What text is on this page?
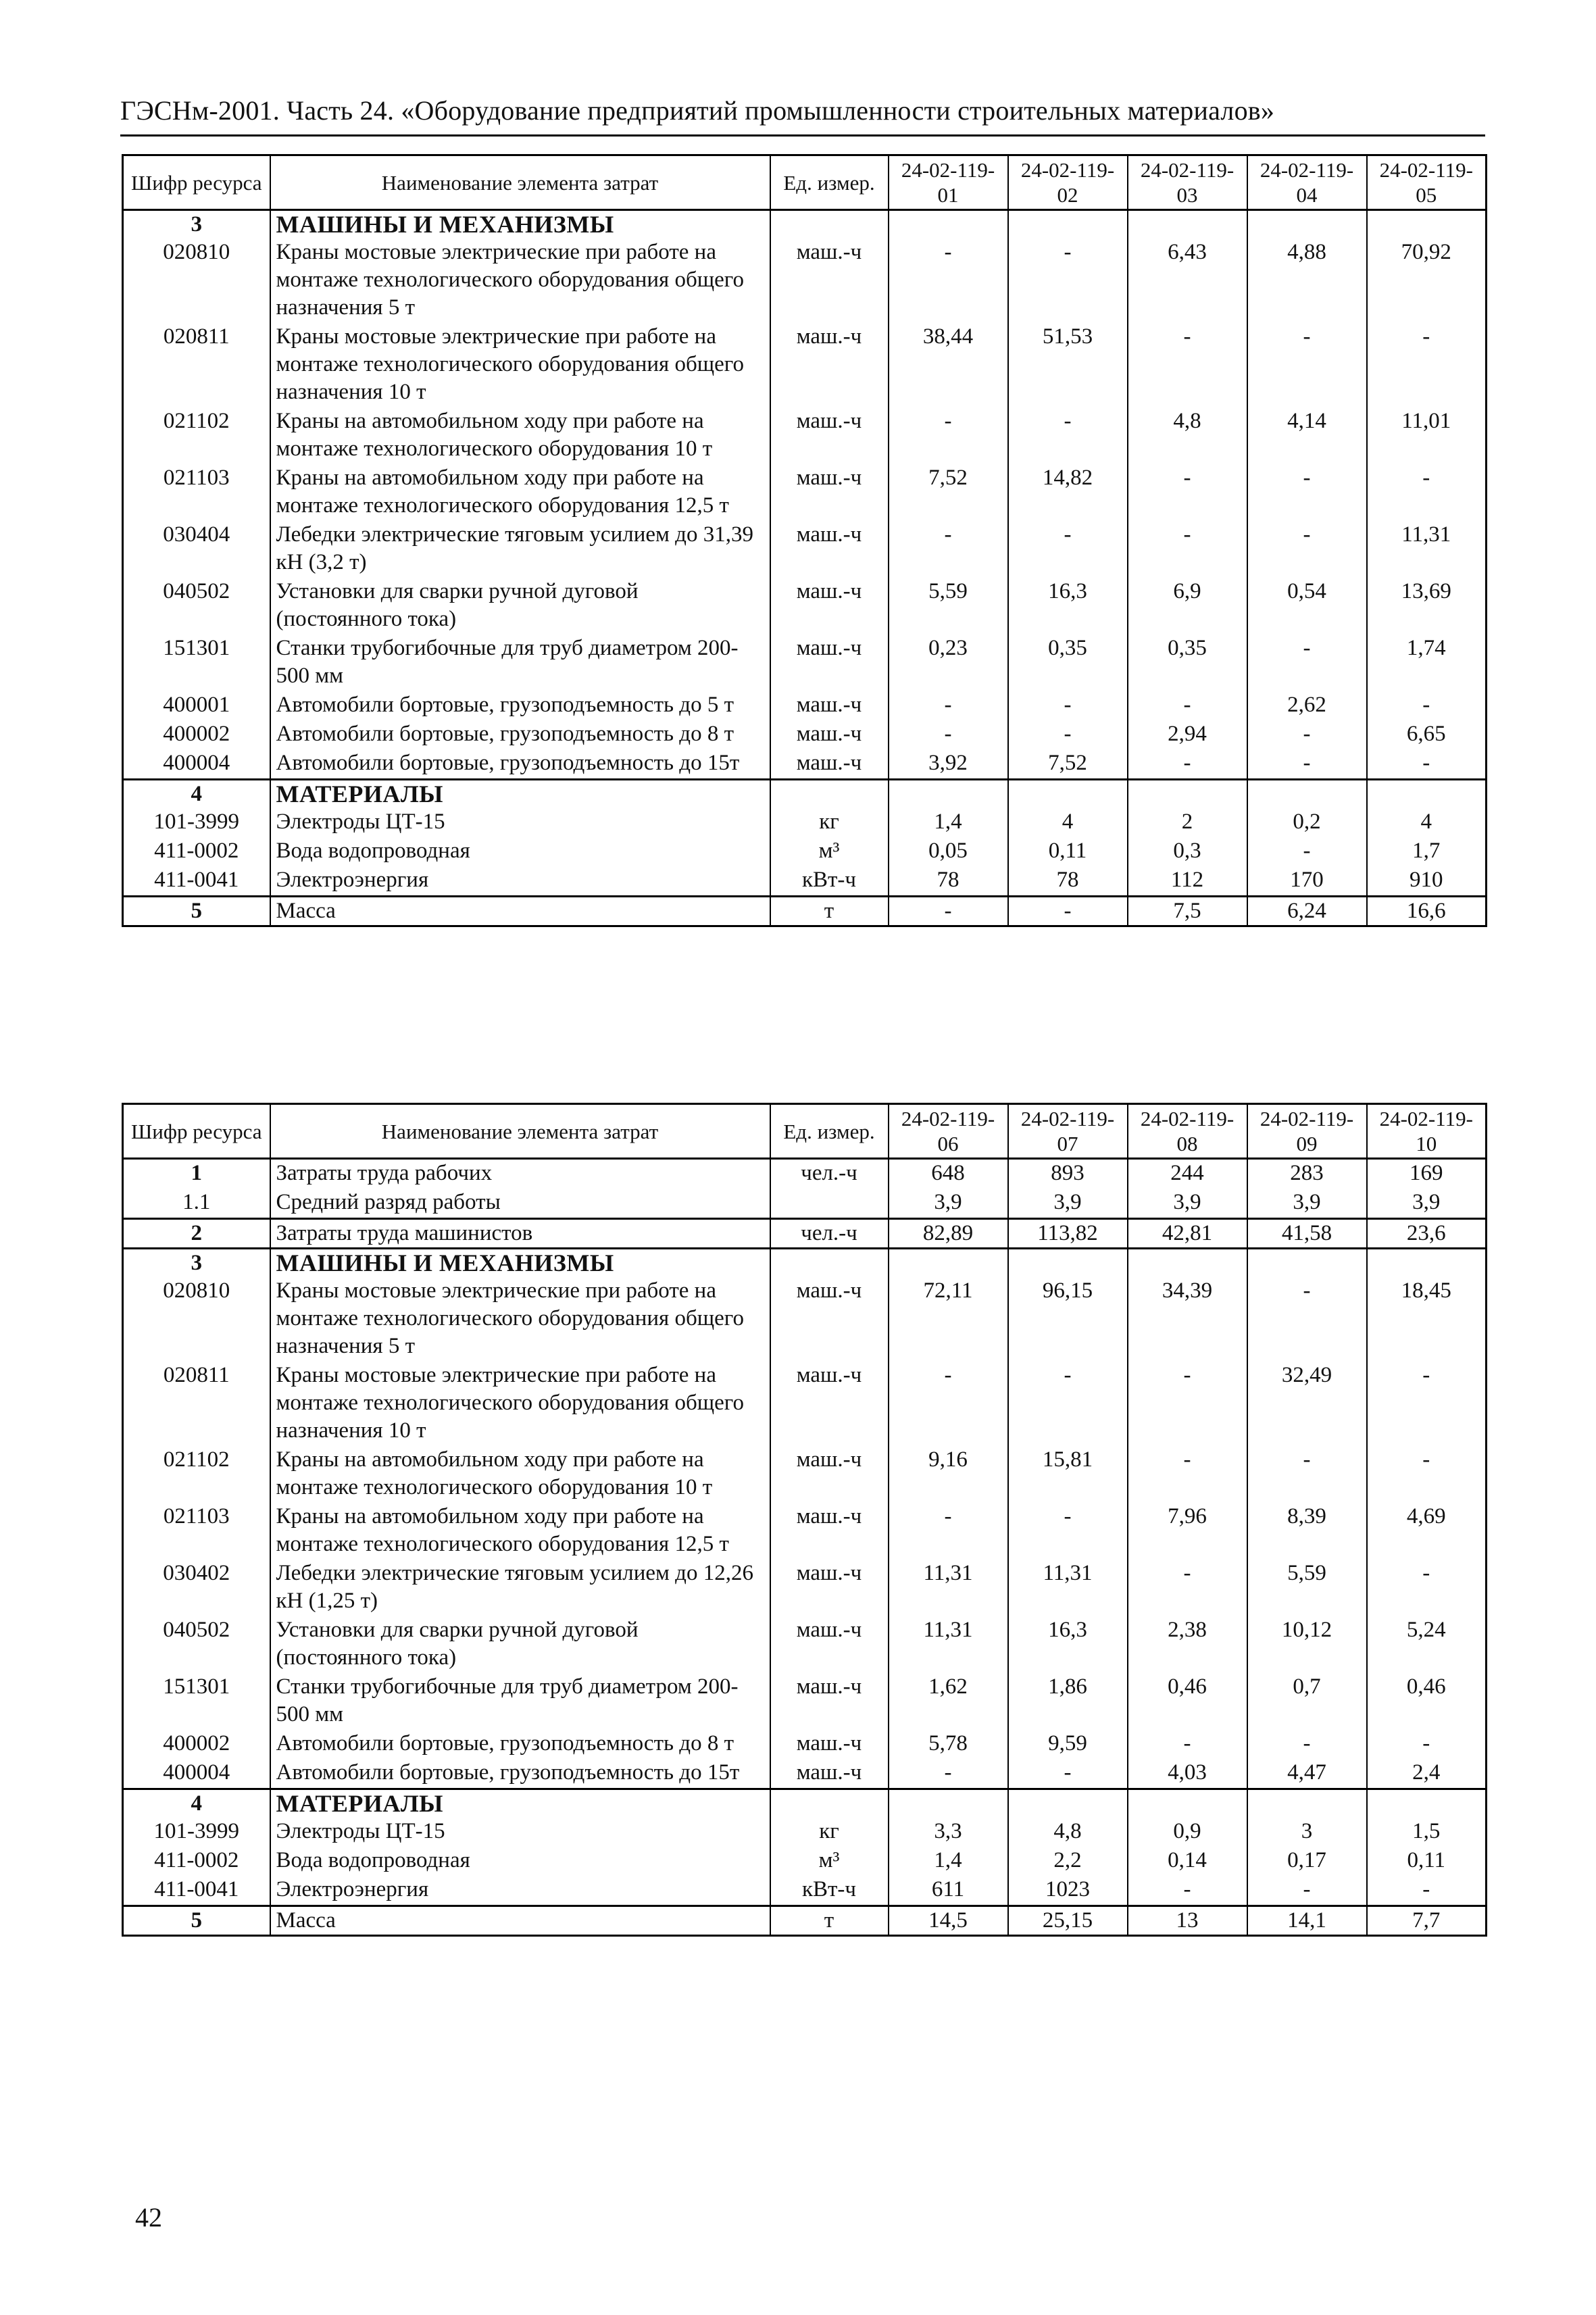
ГЭСНм-2001. Часть 24. «Оборудование предприятий промышленности строительных материалов»
Шифр ресурса	Наименование элемента затрат	Ед. измер.	24-02-119-01	24-02-119-02	24-02-119-03	24-02-119-04	24-02-119-05
3	МАШИНЫ И МЕХАНИЗМЫ						
020810	Краны мостовые электрические при работе на монтаже технологического оборудования общего назначения 5 т	маш.-ч	-	-	6,43	4,88	70,92
020811	Краны мостовые электрические при работе на монтаже технологического оборудования общего назначения 10 т	маш.-ч	38,44	51,53	-	-	-
021102	Краны на автомобильном ходу при работе на монтаже технологического оборудования 10 т	маш.-ч	-	-	4,8	4,14	11,01
021103	Краны на автомобильном ходу при работе на монтаже технологического оборудования 12,5 т	маш.-ч	7,52	14,82	-	-	-
030404	Лебедки электрические тяговым усилием до 31,39 кН (3,2 т)	маш.-ч	-	-	-	-	11,31
040502	Установки для сварки ручной дуговой (постоянного тока)	маш.-ч	5,59	16,3	6,9	0,54	13,69
151301	Станки трубогибочные для труб диаметром 200-500 мм	маш.-ч	0,23	0,35	0,35	-	1,74
400001	Автомобили бортовые, грузоподъемность до 5 т	маш.-ч	-	-	-	2,62	-
400002	Автомобили бортовые, грузоподъемность до 8 т	маш.-ч	-	-	2,94	-	6,65
400004	Автомобили бортовые, грузоподъемность до 15т	маш.-ч	3,92	7,52	-	-	-
4	МАТЕРИАЛЫ						
101-3999	Электроды ЦТ-15	кг	1,4	4	2	0,2	4
411-0002	Вода водопроводная	м³	0,05	0,11	0,3	-	1,7
411-0041	Электроэнергия	кВт-ч	78	78	112	170	910
5	Масса	т	-	-	7,5	6,24	16,6
Шифр ресурса	Наименование элемента затрат	Ед. измер.	24-02-119-06	24-02-119-07	24-02-119-08	24-02-119-09	24-02-119-10
1	Затраты труда рабочих	чел.-ч	648	893	244	283	169
1.1	Средний разряд работы		3,9	3,9	3,9	3,9	3,9
2	Затраты труда машинистов	чел.-ч	82,89	113,82	42,81	41,58	23,6
3	МАШИНЫ И МЕХАНИЗМЫ						
020810	Краны мостовые электрические при работе на монтаже технологического оборудования общего назначения 5 т	маш.-ч	72,11	96,15	34,39	-	18,45
020811	Краны мостовые электрические при работе на монтаже технологического оборудования общего назначения 10 т	маш.-ч	-	-	-	32,49	-
021102	Краны на автомобильном ходу при работе на монтаже технологического оборудования 10 т	маш.-ч	9,16	15,81	-	-	-
021103	Краны на автомобильном ходу при работе на монтаже технологического оборудования 12,5 т	маш.-ч	-	-	7,96	8,39	4,69
030402	Лебедки электрические тяговым усилием до 12,26 кН (1,25 т)	маш.-ч	11,31	11,31	-	5,59	-
040502	Установки для сварки ручной дуговой (постоянного тока)	маш.-ч	11,31	16,3	2,38	10,12	5,24
151301	Станки трубогибочные для труб диаметром 200-500 мм	маш.-ч	1,62	1,86	0,46	0,7	0,46
400002	Автомобили бортовые, грузоподъемность до 8 т	маш.-ч	5,78	9,59	-	-	-
400004	Автомобили бортовые, грузоподъемность до 15т	маш.-ч	-	-	4,03	4,47	2,4
4	МАТЕРИАЛЫ						
101-3999	Электроды ЦТ-15	кг	3,3	4,8	0,9	3	1,5
411-0002	Вода водопроводная	м³	1,4	2,2	0,14	0,17	0,11
411-0041	Электроэнергия	кВт-ч	611	1023	-	-	-
5	Масса	т	14,5	25,15	13	14,1	7,7
42
